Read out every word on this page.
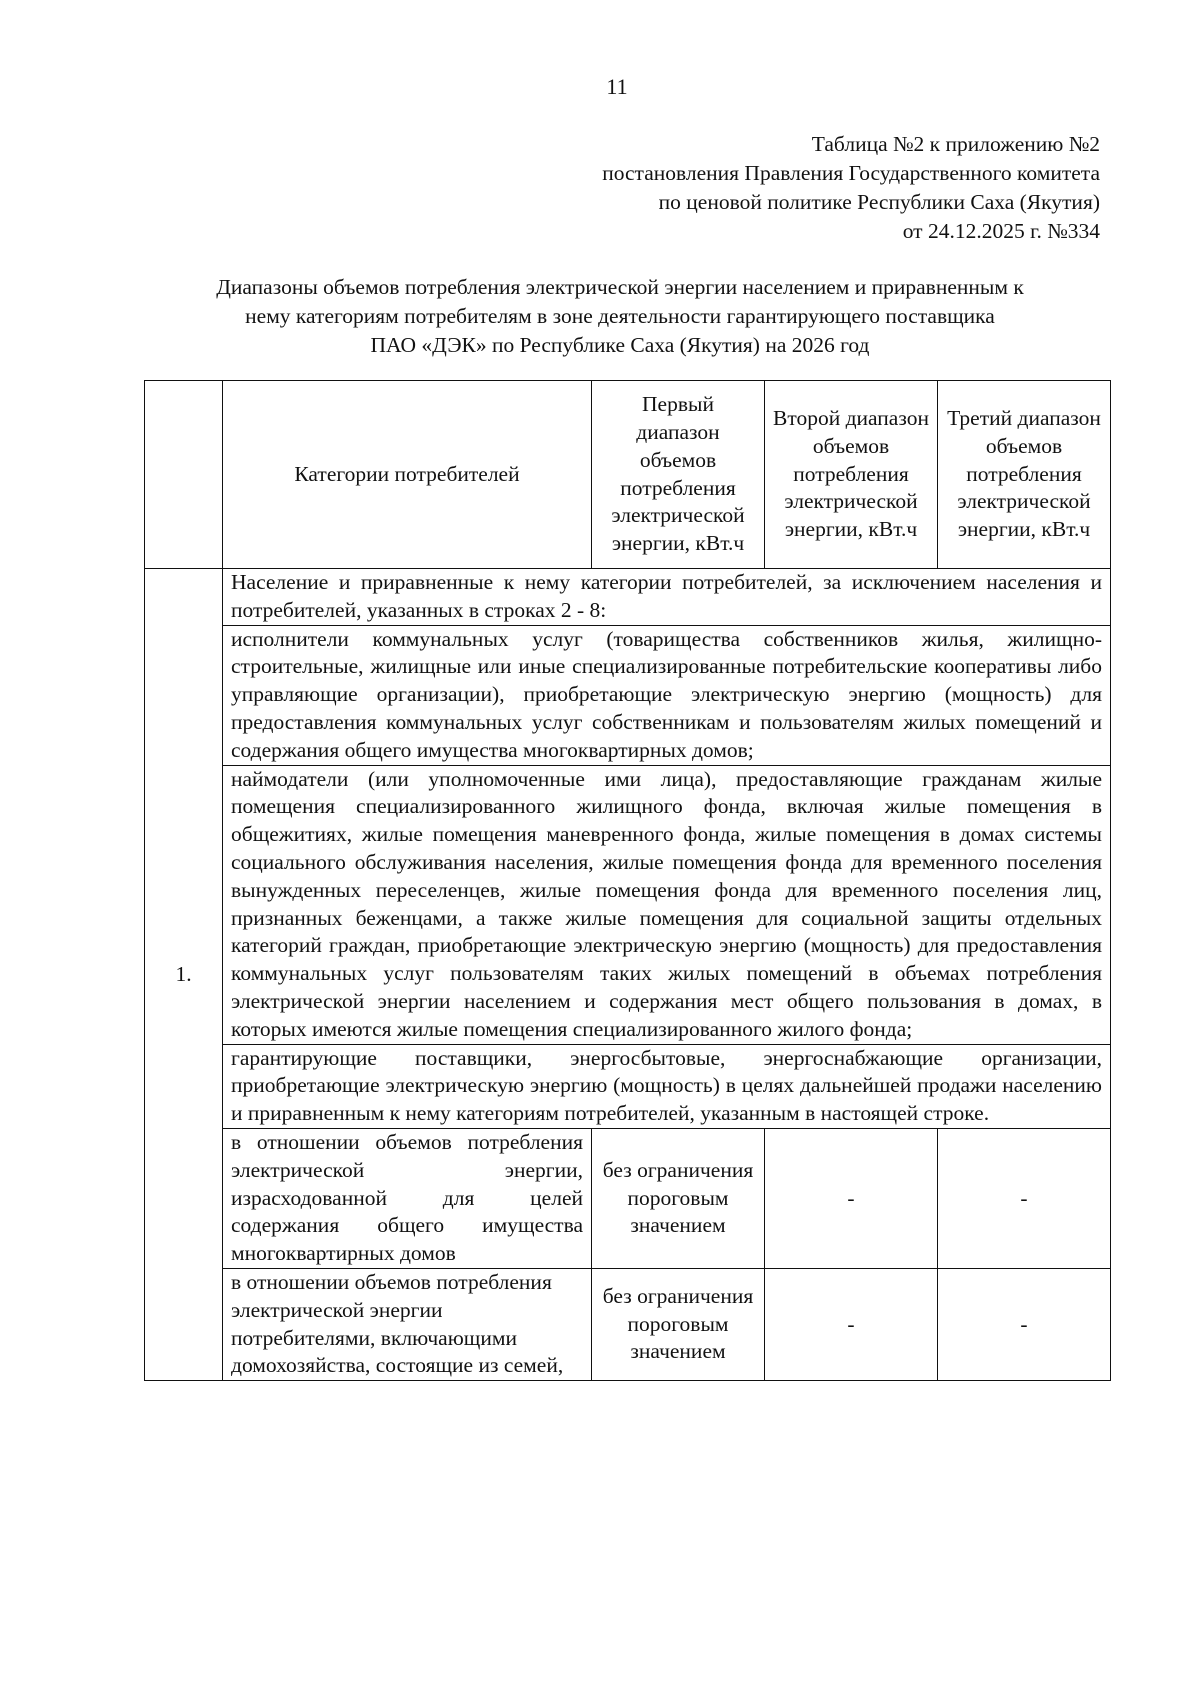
11
Таблица №2 к приложению №2
постановления Правления Государственного комитета
по ценовой политике Республики Саха (Якутия)
от 24.12.2025 г. №334
Диапазоны объемов потребления электрической энергии населением и приравненным к
нему категориям потребителям в зоне деятельности гарантирующего поставщика
ПАО «ДЭК» по Республике Саха (Якутия) на 2026 год
	Категории потребителей	Первый диапазон объемов потребления электрической энергии, кВт.ч	Второй диапазон объемов потребления электрической энергии, кВт.ч	Третий диапазон объемов потребления электрической энергии, кВт.ч
1.	Население и приравненные к нему категории потребителей, за исключением населения и потребителей, указанных в строках 2 - 8:			
	исполнители коммунальных услуг (товарищества собственников жилья, жилищно-строительные, жилищные или иные специализированные потребительские кооперативы либо управляющие организации), приобретающие электрическую энергию (мощность) для предоставления коммунальных услуг собственникам и пользователям жилых помещений и содержания общего имущества многоквартирных домов;			
	наймодатели (или уполномоченные ими лица), предоставляющие гражданам жилые помещения специализированного жилищного фонда, включая жилые помещения в общежитиях, жилые помещения маневренного фонда, жилые помещения в домах системы социального обслуживания населения, жилые помещения фонда для временного поселения вынужденных переселенцев, жилые помещения фонда для временного поселения лиц, признанных беженцами, а также жилые помещения для социальной защиты отдельных категорий граждан, приобретающие электрическую энергию (мощность) для предоставления коммунальных услуг пользователям таких жилых помещений в объемах потребления электрической энергии населением и содержания мест общего пользования в домах, в которых имеются жилые помещения специализированного жилого фонда;			
	гарантирующие поставщики, энергосбытовые, энергоснабжающие организации, приобретающие электрическую энергию (мощность) в целях дальнейшей продажи населению и приравненным к нему категориям потребителей, указанным в настоящей строке.			
	в отношении объемов потребления электрической энергии, израсходованной для целей содержания общего имущества многоквартирных домов	без ограничения пороговым значением	-	-
	в отношении объемов потребления электрической энергии потребителями, включающими домохозяйства, состоящие из семей,	без ограничения пороговым значением	-	-
